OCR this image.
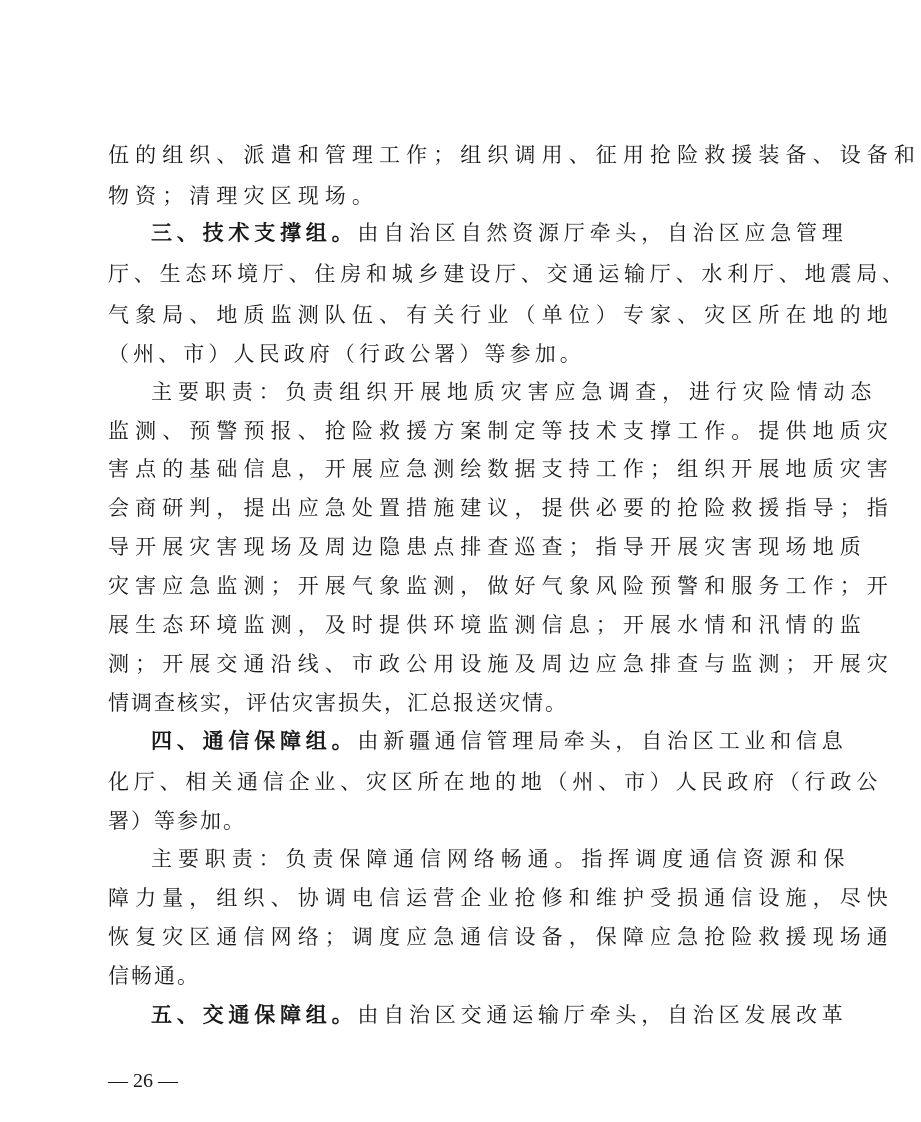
伍的组织、派遣和管理工作；组织调用、征用抢险救援装备、设备和
物资；清理灾区现场。
三、技术支撑组。由自治区自然资源厅牵头，自治区应急管理
厅、生态环境厅、住房和城乡建设厅、交通运输厅、水利厅、地震局、
气象局、地质监测队伍、有关行业（单位）专家、灾区所在地的地
（州、市）人民政府（行政公署）等参加。
主要职责：负责组织开展地质灾害应急调查，进行灾险情动态
监测、预警预报、抢险救援方案制定等技术支撑工作。提供地质灾
害点的基础信息，开展应急测绘数据支持工作；组织开展地质灾害
会商研判，提出应急处置措施建议，提供必要的抢险救援指导；指
导开展灾害现场及周边隐患点排查巡查；指导开展灾害现场地质
灾害应急监测；开展气象监测，做好气象风险预警和服务工作；开
展生态环境监测，及时提供环境监测信息；开展水情和汛情的监
测；开展交通沿线、市政公用设施及周边应急排查与监测；开展灾
情调查核实，评估灾害损失，汇总报送灾情。
四、通信保障组。由新疆通信管理局牵头，自治区工业和信息
化厅、相关通信企业、灾区所在地的地（州、市）人民政府（行政公
署）等参加。
主要职责：负责保障通信网络畅通。指挥调度通信资源和保
障力量，组织、协调电信运营企业抢修和维护受损通信设施，尽快
恢复灾区通信网络；调度应急通信设备，保障应急抢险救援现场通
信畅通。
五、交通保障组。由自治区交通运输厅牵头，自治区发展改革
— 26 —
